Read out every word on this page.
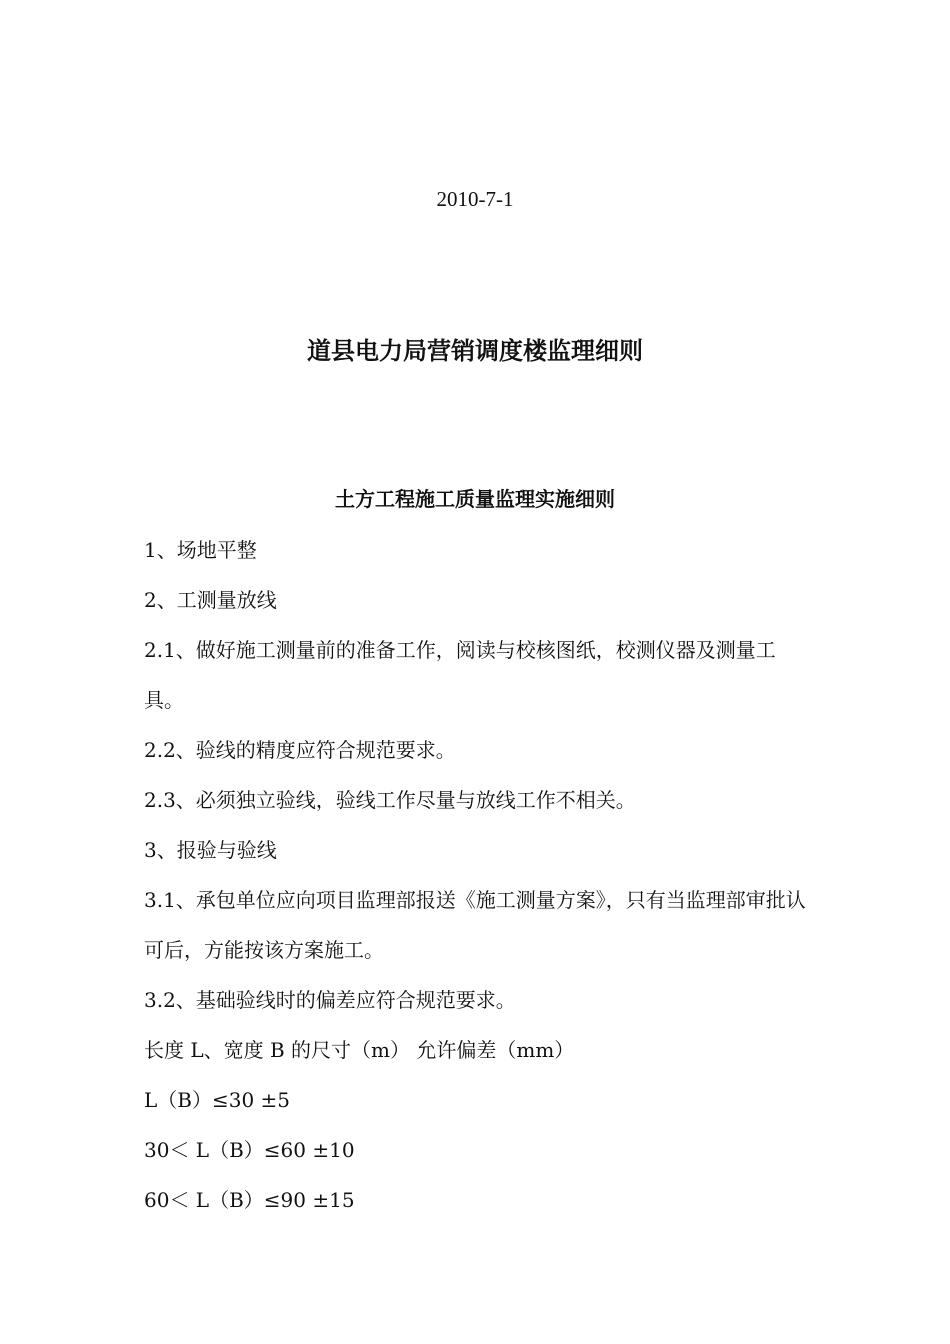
2010-7-1
道县电力局营销调度楼监理细则
土方工程施工质量监理实施细则

1、场地平整

2、工测量放线

2.1、做好施工测量前的准备工作，阅读与校核图纸，校测仪器及测量工具。

2.2、验线的精度应符合规范要求。

2.3、必须独立验线，验线工作尽量与放线工作不相关。

3、报验与验线

3.1、承包单位应向项目监理部报送《施工测量方案》，只有当监理部审批认可后，方能按该方案施工。

3.2、基础验线时的偏差应符合规范要求。

长度 L、宽度 B 的尺寸（m） 允许偏差（mm）

L（B）≤30 ±5

30＜ L（B）≤60 ±10

60＜ L（B）≤90 ±15
